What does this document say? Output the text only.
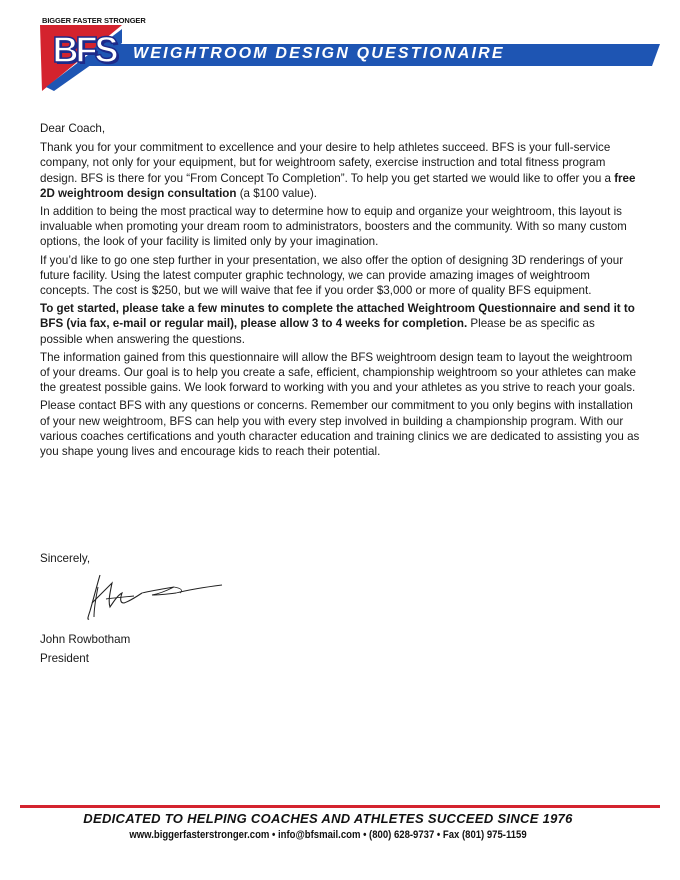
BIGGER FASTER STRONGER
BFS WEIGHTROOM DESIGN QUESTIONAIRE

Dear Coach,

Thank you for your commitment to excellence and your desire to help athletes succeed. BFS is your full-service company, not only for your equipment, but for weightroom safety, exercise instruction and total fitness program design. BFS is there for you “From Concept To Completion”. To help you get started we would like to offer you a free 2D weightroom design consultation (a $100 value).

In addition to being the most practical way to determine how to equip and organize your weightroom, this layout is invaluable when promoting your dream room to administrators, boosters and the community. With so many custom options, the look of your facility is limited only by your imagination.

If you’d like to go one step further in your presentation, we also offer the option of designing 3D renderings of your future facility. Using the latest computer graphic technology, we can provide amazing images of weightroom concepts. The cost is $250, but we will waive that fee if you order $3,000 or more of quality BFS equipment.

To get started, please take a few minutes to complete the attached Weightroom Questionnaire and send it to BFS (via fax, e-mail or regular mail), please allow 3 to 4 weeks for completion. Please be as specific as possible when answering the questions.

The information gained from this questionnaire will allow the BFS weightroom design team to layout the weightroom of your dreams. Our goal is to help you create a safe, efficient, championship weightroom so your athletes can make the greatest possible gains. We look forward to working with you and your athletes as you strive to reach your goals.

Please contact BFS with any questions or concerns. Remember our commitment to you only begins with installation of your new weightroom, BFS can help you with every step involved in building a championship program. With our various coaches certifications and youth character education and training clinics we are dedicated to assisting you as you shape young lives and encourage kids to reach their potential.

Sincerely,
John Rowbotham
President
DEDICATED TO HELPING COACHES AND ATHLETES SUCCEED SINCE 1976
www.biggerfasterstronger.com • info@bfsmail.com • (800) 628-9737 • Fax (801) 975-1159
